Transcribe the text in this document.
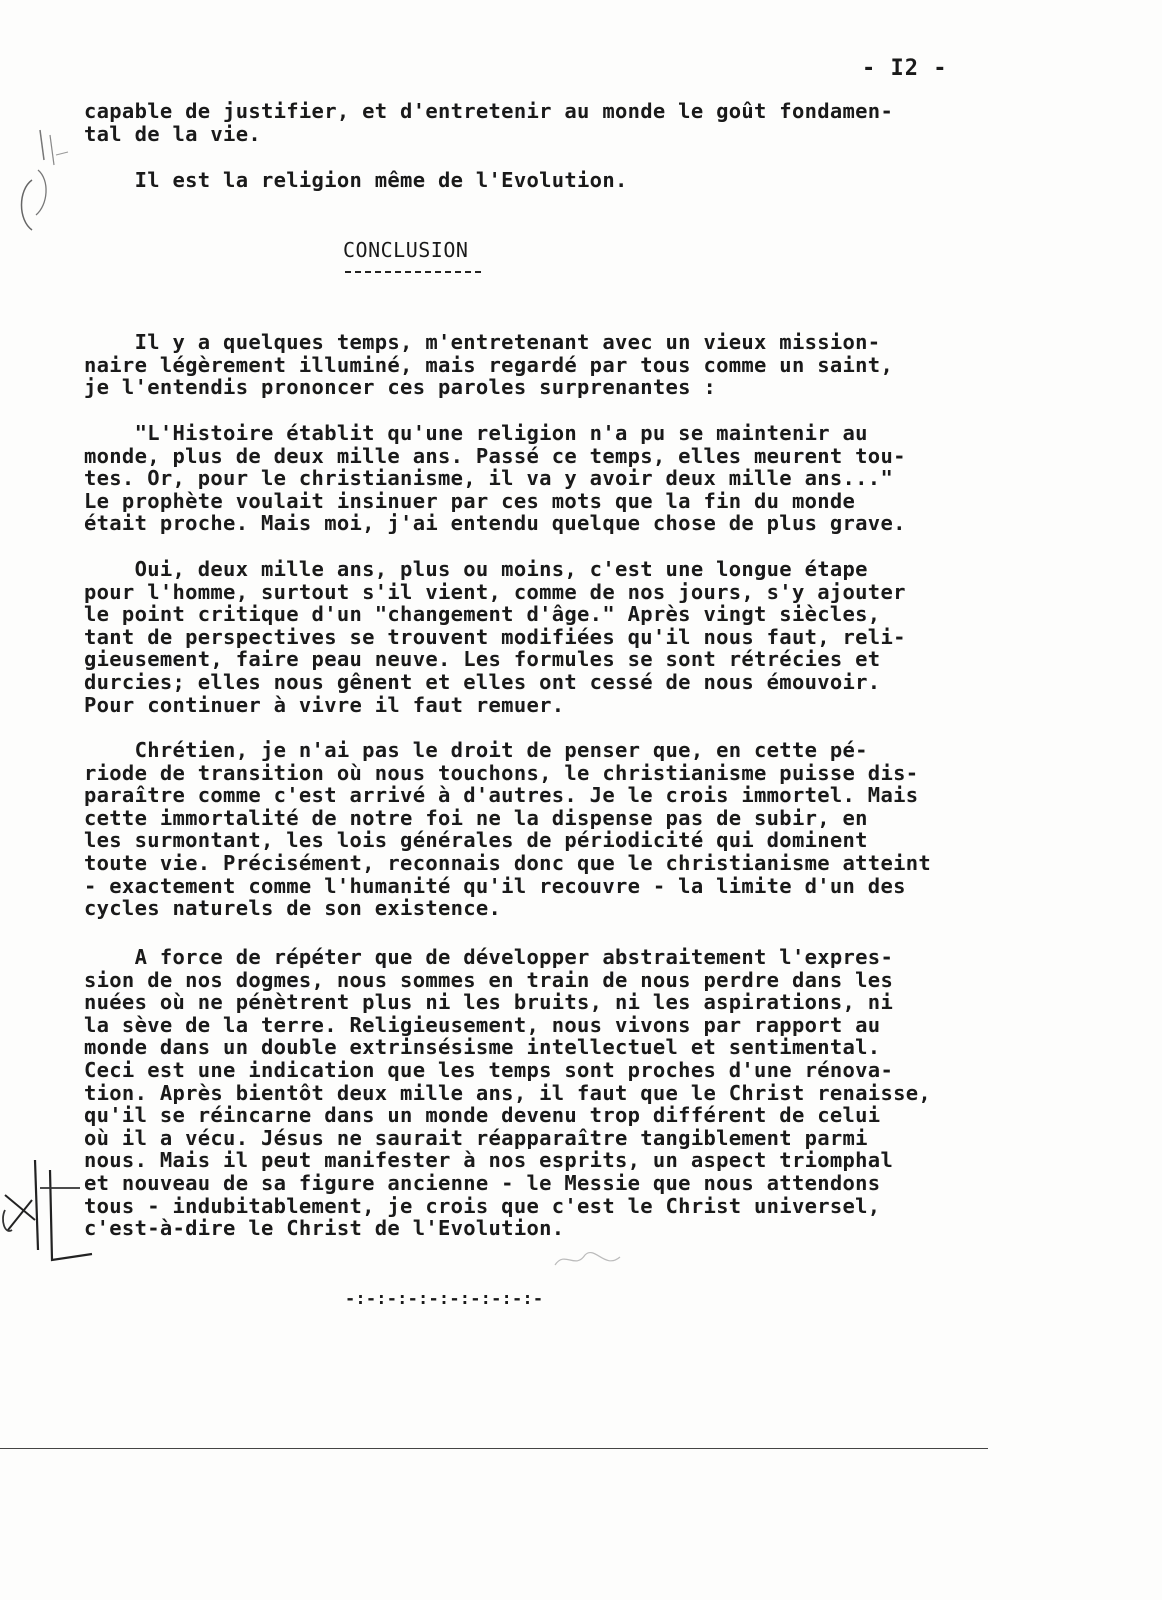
- I2 -
capable de justifier, et d'entretenir au monde le goût fondamen-
tal de la vie.
Il est la religion même de l'Evolution.
CONCLUSION
Il y a quelques temps, m'entretenant avec un vieux mission-
naire légèrement illuminé, mais regardé par tous comme un saint,
je l'entendis prononcer ces paroles surprenantes :
"L'Histoire établit qu'une religion n'a pu se maintenir au
monde, plus de deux mille ans. Passé ce temps, elles meurent tou-
tes. Or, pour le christianisme, il va y avoir deux mille ans..."
Le prophète voulait insinuer par ces mots que la fin du monde
était proche. Mais moi, j'ai entendu quelque chose de plus grave.
Oui, deux mille ans, plus ou moins, c'est une longue étape
pour l'homme, surtout s'il vient, comme de nos jours, s'y ajouter
le point critique d'un "changement d'âge." Après vingt siècles,
tant de perspectives se trouvent modifiées qu'il nous faut, reli-
gieusement, faire peau neuve. Les formules se sont rétrécies et
durcies; elles nous gênent et elles ont cessé de nous émouvoir.
Pour continuer à vivre il faut remuer.
Chrétien, je n'ai pas le droit de penser que, en cette pé-
riode de transition où nous touchons, le christianisme puisse dis-
paraître comme c'est arrivé à d'autres. Je le crois immortel. Mais
cette immortalité de notre foi ne la dispense pas de subir, en
les surmontant, les lois générales de périodicité qui dominent
toute vie. Précisément, reconnais donc que le christianisme atteint
- exactement comme l'humanité qu'il recouvre - la limite d'un des
cycles naturels de son existence.
A force de répéter que de développer abstraitement l'expres-
sion de nos dogmes, nous sommes en train de nous perdre dans les
nuées où ne pénètrent plus ni les bruits, ni les aspirations, ni
la sève de la terre. Religieusement, nous vivons par rapport au
monde dans un double extrinsésisme intellectuel et sentimental.
Ceci est une indication que les temps sont proches d'une rénova-
tion. Après bientôt deux mille ans, il faut que le Christ renaisse,
qu'il se réincarne dans un monde devenu trop différent de celui
où il a vécu. Jésus ne saurait réapparaître tangiblement parmi
nous. Mais il peut manifester à nos esprits, un aspect triomphal
et nouveau de sa figure ancienne - le Messie que nous attendons
tous - indubitablement, je crois que c'est le Christ universel,
c'est-à-dire le Christ de l'Evolution.
-:-:-:-:-:-:-:-:-:-
